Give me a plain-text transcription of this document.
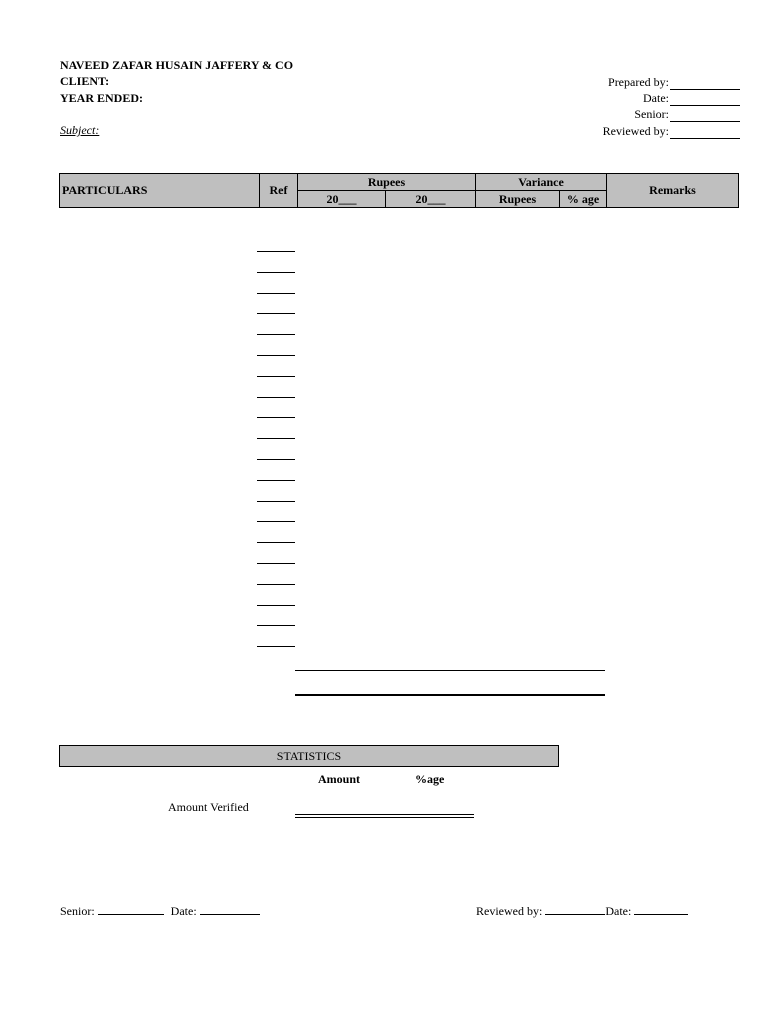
NAVEED ZAFAR HUSAIN JAFFERY & CO
CLIENT:
YEAR ENDED:
Subject:
Prepared by:
Date:
Senior:
Reviewed by:
PARTICULARS	Ref	Rupees		Variance		Remarks
		20___	20___	Rupees	% age	
STATISTICS
Amount	%age
Amount Verified
Senior:	Date:	Reviewed by:	Date:
